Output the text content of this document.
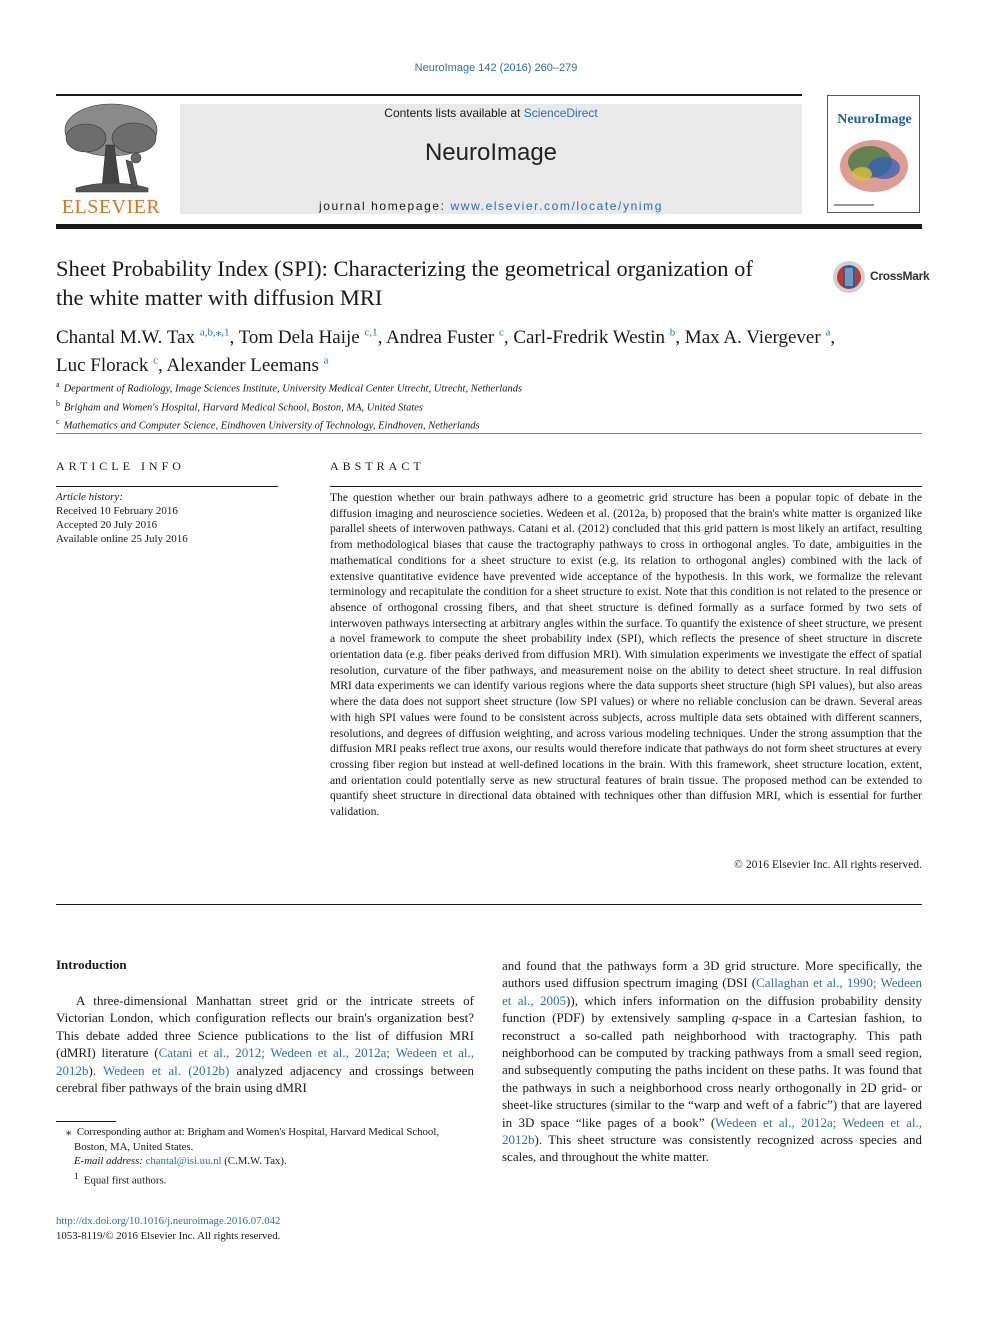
NeuroImage 142 (2016) 260–279
ELSEVIER
Contents lists available at ScienceDirect
NeuroImage
journal homepage: www.elsevier.com/locate/ynimg
NeuroImage
Sheet Probability Index (SPI): Characterizing the geometrical organization of the white matter with diffusion MRI
CrossMark
Chantal M.W. Tax $^{a,b,⁎,1}$, Tom Dela Haije $^{c,1}$, Andrea Fuster $^c$, Carl-Fredrik Westin $^b$, Max A. Viergever $^a$,
Luc Florack $^c$, Alexander Leemans $^a$
$^a$ Department of Radiology, Image Sciences Institute, University Medical Center Utrecht, Utrecht, Netherlands
$^b$ Brigham and Women's Hospital, Harvard Medical School, Boston, MA, United States
$^c$ Mathematics and Computer Science, Eindhoven University of Technology, Eindhoven, Netherlands
ARTICLE INFO
Article history:
Received 10 February 2016
Accepted 20 July 2016
Available online 25 July 2016
ABSTRACT
The question whether our brain pathways adhere to a geometric grid structure has been a popular topic of debate in the diffusion imaging and neuroscience societies. Wedeen et al. (2012a, b) proposed that the brain's white matter is organized like parallel sheets of interwoven pathways. Catani et al. (2012) concluded that this grid pattern is most likely an artifact, resulting from methodological biases that cause the tractography pathways to cross in orthogonal angles. To date, ambiguities in the mathematical conditions for a sheet structure to exist (e.g. its relation to orthogonal angles) combined with the lack of extensive quantitative evidence have prevented wide acceptance of the hypothesis. In this work, we formalize the relevant terminology and recapitulate the condition for a sheet structure to exist. Note that this condition is not related to the presence or absence of orthogonal crossing fibers, and that sheet structure is defined formally as a surface formed by two sets of interwoven pathways intersecting at arbitrary angles within the surface. To quantify the existence of sheet structure, we present a novel framework to compute the sheet probability index (SPI), which reflects the presence of sheet structure in discrete orientation data (e.g. fiber peaks derived from diffusion MRI). With simulation experiments we investigate the effect of spatial resolution, curvature of the fiber pathways, and measurement noise on the ability to detect sheet structure. In real diffusion MRI data experiments we can identify various regions where the data supports sheet structure (high SPI values), but also areas where the data does not support sheet structure (low SPI values) or where no reliable conclusion can be drawn. Several areas with high SPI values were found to be consistent across subjects, across multiple data sets obtained with different scanners, resolutions, and degrees of diffusion weighting, and across various modeling techniques. Under the strong assumption that the diffusion MRI peaks reflect true axons, our results would therefore indicate that pathways do not form sheet structures at every crossing fiber region but instead at well-defined locations in the brain. With this framework, sheet structure location, extent, and orientation could potentially serve as new structural features of brain tissue. The proposed method can be extended to quantify sheet structure in directional data obtained with techniques other than diffusion MRI, which is essential for further validation.
© 2016 Elsevier Inc. All rights reserved.
Introduction

A three-dimensional Manhattan street grid or the intricate streets of Victorian London, which configuration reflects our brain's organization best? This debate added three Science publications to the list of diffusion MRI (dMRI) literature (Catani et al., 2012; Wedeen et al., 2012a; Wedeen et al., 2012b). Wedeen et al. (2012b) analyzed adjacency and crossings between cerebral fiber pathways of the brain using dMRI

⁎ Corresponding author at: Brigham and Women's Hospital, Harvard Medical School, Boston, MA, United States.
E-mail address: chantal@isi.uu.nl (C.M.W. Tax).
$^1$ Equal first authors.
http://dx.doi.org/10.1016/j.neuroimage.2016.07.042
1053-8119/© 2016 Elsevier Inc. All rights reserved.

and found that the pathways form a 3D grid structure. More specifically, the authors used diffusion spectrum imaging (DSI (Callaghan et al., 1990; Wedeen et al., 2005)), which infers information on the diffusion probability density function (PDF) by extensively sampling q-space in a Cartesian fashion, to reconstruct a so-called path neighborhood with tractography. This path neighborhood can be computed by tracking pathways from a small seed region, and subsequently computing the paths incident on these paths. It was found that the pathways in such a neighborhood cross nearly orthogonally in 2D grid- or sheet-like structures (similar to the “warp and weft of a fabric”) that are layered in 3D space “like pages of a book” (Wedeen et al., 2012a; Wedeen et al., 2012b). This sheet structure was consistently recognized across species and scales, and throughout the white matter.
